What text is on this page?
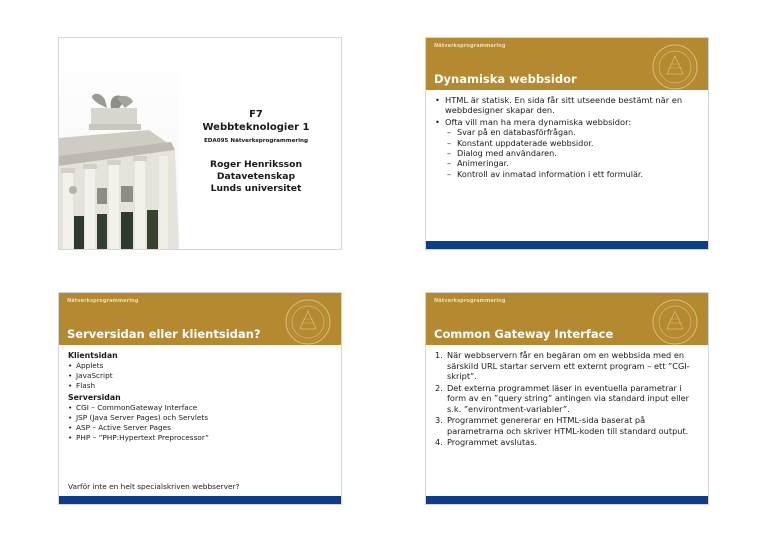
F7
Webbteknologier 1
EDA095 Nätverksprogrammering
Roger Henriksson
Datavetenskap
Lunds universitet
Nätverksprogrammering
Dynamiska webbsidor
• HTML är statisk. En sida får sitt utseende bestämt när en webbdesigner skapar den.
• Ofta vill man ha mera dynamiska webbsidor:
– Svar på en databasförfrågan.
– Konstant uppdaterade webbsidor.
– Dialog med användaren.
– Animeringar.
– Kontroll av inmatad information i ett formulär.
Nätverksprogrammering
Serversidan eller klientsidan?
Klientsidan
• Applets
• JavaScript
• Flash
Serversidan
• CGI – CommonGateway Interface
• JSP (Java Server Pages) och Servlets
• ASP – Active Server Pages
• PHP – ”PHP:Hypertext Preprocessor”
Varför inte en helt specialskriven webbserver?
Nätverksprogrammering
Common Gateway Interface
1. När webbservern får en begäran om en webbsida med en särskild URL startar servern ett externt program – ett ”CGI-skript”.
2. Det externa programmet läser in eventuella parametrar i form av en ”query string” antingen via standard input eller s.k. ”environtment-variabler”.
3. Programmet genererar en HTML-sida baserat på parametrarna och skriver HTML-koden till standard output.
4. Programmet avslutas.
